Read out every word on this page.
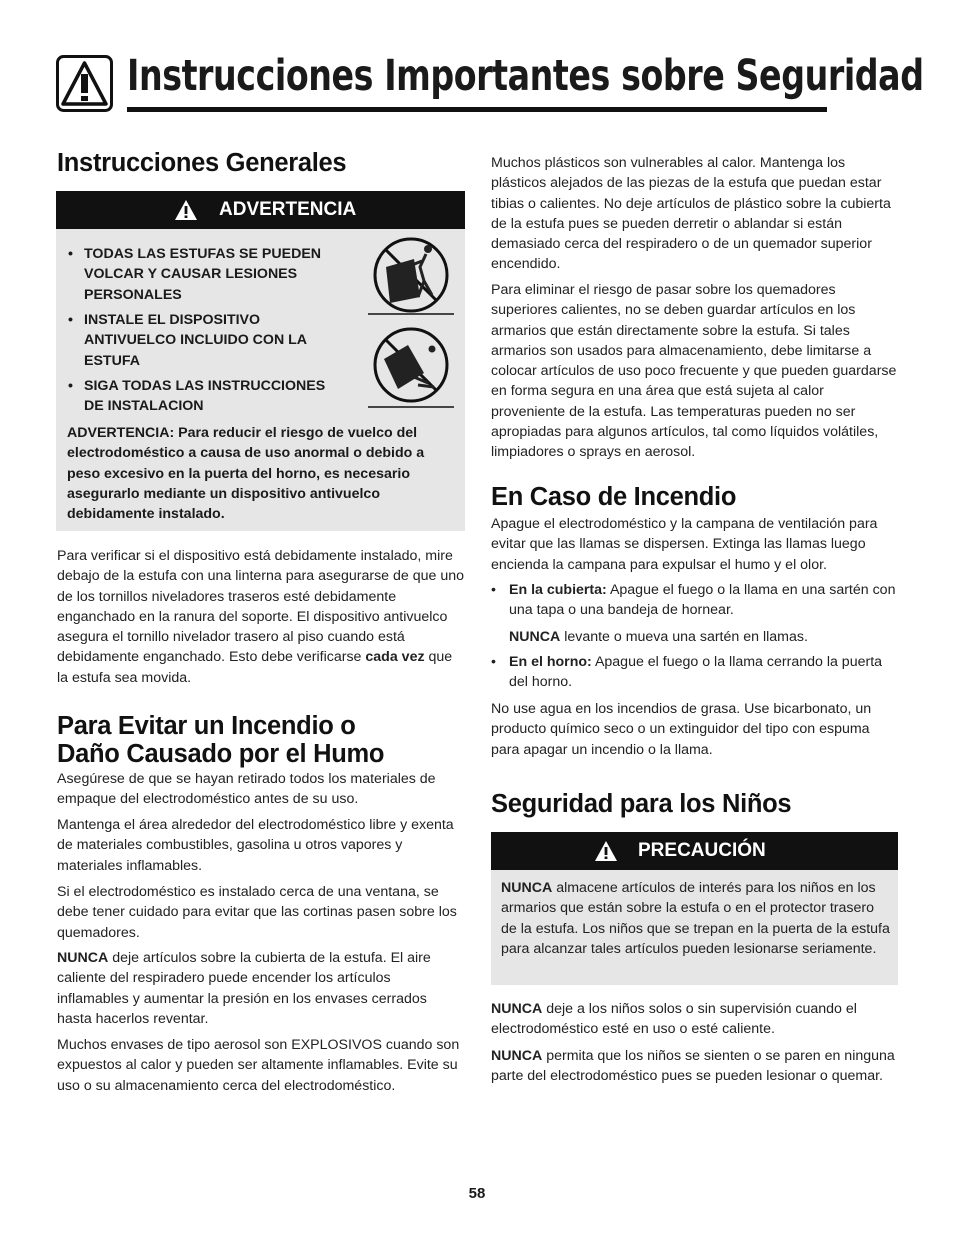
Instrucciones Importantes sobre Seguridad
Instrucciones Generales
ADVERTENCIA
• TODAS LAS ESTUFAS SE PUEDEN
VOLCAR Y CAUSAR LESIONES
PERSONALES
• INSTALE EL DISPOSITIVO
ANTIVUELCO INCLUIDO CON LA
ESTUFA
• SIGA TODAS LAS INSTRUCCIONES
DE INSTALACION
ADVERTENCIA: Para reducir el riesgo de vuelco del electrodoméstico a causa de uso anormal o debido a peso excesivo en la puerta del horno, es necesario asegurarlo mediante un dispositivo antivuelco debidamente instalado.
Para verificar si el dispositivo está debidamente instalado, mire debajo de la estufa con una linterna para asegurarse de que uno de los tornillos niveladores traseros esté debidamente enganchado en la ranura del soporte. El dispositivo antivuelco asegura el tornillo nivelador trasero al piso cuando está debidamente enganchado. Esto debe verificarse cada vez que la estufa sea movida.
Para Evitar un Incendio o
Daño Causado por el Humo
Asegúrese de que se hayan retirado todos los materiales de empaque del electrodoméstico antes de su uso.
Mantenga el área alrededor del electrodoméstico libre y exenta de materiales combustibles, gasolina u otros vapores y materiales inflamables.
Si el electrodoméstico es instalado cerca de una ventana, se debe tener cuidado para evitar que las cortinas pasen sobre los quemadores.
NUNCA deje artículos sobre la cubierta de la estufa. El aire caliente del respiradero puede encender los artículos inflamables y aumentar la presión en los envases cerrados hasta hacerlos reventar.
Muchos envases de tipo aerosol son EXPLOSIVOS cuando son expuestos al calor y pueden ser altamente inflamables. Evite su uso o su almacenamiento cerca del electrodoméstico.
Muchos plásticos son vulnerables al calor. Mantenga los plásticos alejados de las piezas de la estufa que puedan estar tibias o calientes. No deje artículos de plástico sobre la cubierta de la estufa pues se pueden derretir o ablandar si están demasiado cerca del respiradero o de un quemador superior encendido.
Para eliminar el riesgo de pasar sobre los quemadores superiores calientes, no se deben guardar artículos en los armarios que están directamente sobre la estufa. Si tales armarios son usados para almacenamiento, debe limitarse a colocar artículos de uso poco frecuente y que pueden guardarse en forma segura en una área que está sujeta al calor proveniente de la estufa. Las temperaturas pueden no ser apropiadas para algunos artículos, tal como líquidos volátiles, limpiadores o sprays en aerosol.
En Caso de Incendio
Apague el electrodoméstico y la campana de ventilación para evitar que las llamas se dispersen. Extinga las llamas luego encienda la campana para expulsar el humo y el olor.
• En la cubierta: Apague el fuego o la llama en una sartén con una tapa o una bandeja de hornear.
NUNCA levante o mueva una sartén en llamas.
• En el horno: Apague el fuego o la llama cerrando la puerta del horno.
No use agua en los incendios de grasa. Use bicarbonato, un producto químico seco o un extinguidor del tipo con espuma para apagar un incendio o la llama.
Seguridad para los Niños
PRECAUCIÓN
NUNCA almacene artículos de interés para los niños en los armarios que están sobre la estufa o en el protector trasero de la estufa. Los niños que se trepan en la puerta de la estufa para alcanzar tales artículos pueden lesionarse seriamente.
NUNCA deje a los niños solos o sin supervisión cuando el electrodoméstico esté en uso o esté caliente.
NUNCA permita que los niños se sienten o se paren en ninguna parte del electrodoméstico pues se pueden lesionar o quemar.
58
